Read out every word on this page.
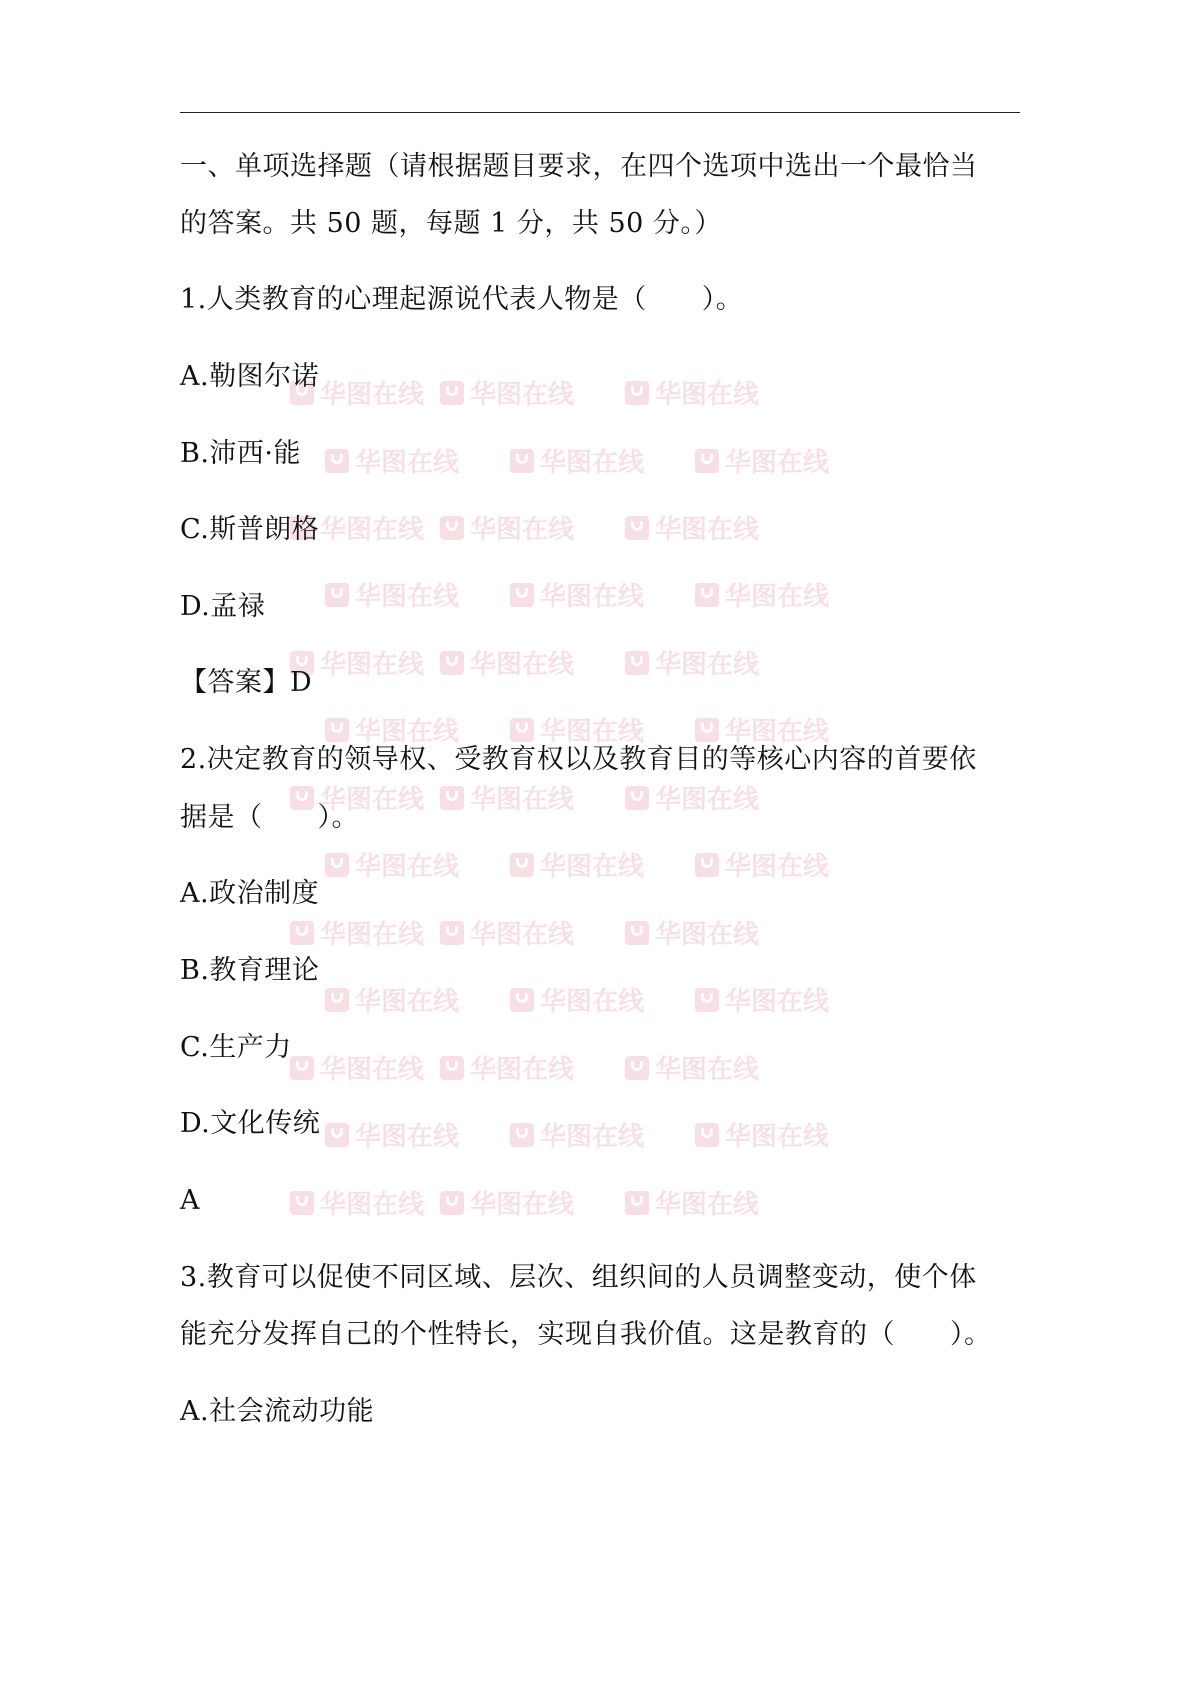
华图在线 华图在线	华图在线
华图在线 华图在线	华图在线
华图在线 华图在线	华图在线
华图在线 华图在线	华图在线
华图在线 华图在线	华图在线
华图在线 华图在线	华图在线
华图在线 华图在线	华图在线
华图在线	华图在线	华图在线
华图在线	华图在线	华图在线
华图在线	华图在线	华图在线
华图在线	华图在线	华图在线
华图在线	华图在线	华图在线
华图在线	华图在线	华图在线
一、单项选择题（请根据题目要求，在四个选项中选出一个最恰当
的答案。共 50 题，每题 1 分，共 50 分。）
1.人类教育的心理起源说代表人物是（　　）。
A.勒图尔诺
B.沛西·能
C.斯普朗格
D.孟禄
【答案】D
2.决定教育的领导权、受教育权以及教育目的等核心内容的首要依
据是（　　）。
A.政治制度
B.教育理论
C.生产力
D.文化传统
A
3.教育可以促使不同区域、层次、组织间的人员调整变动，使个体
能充分发挥自己的个性特长，实现自我价值。这是教育的（　　）。
A.社会流动功能
